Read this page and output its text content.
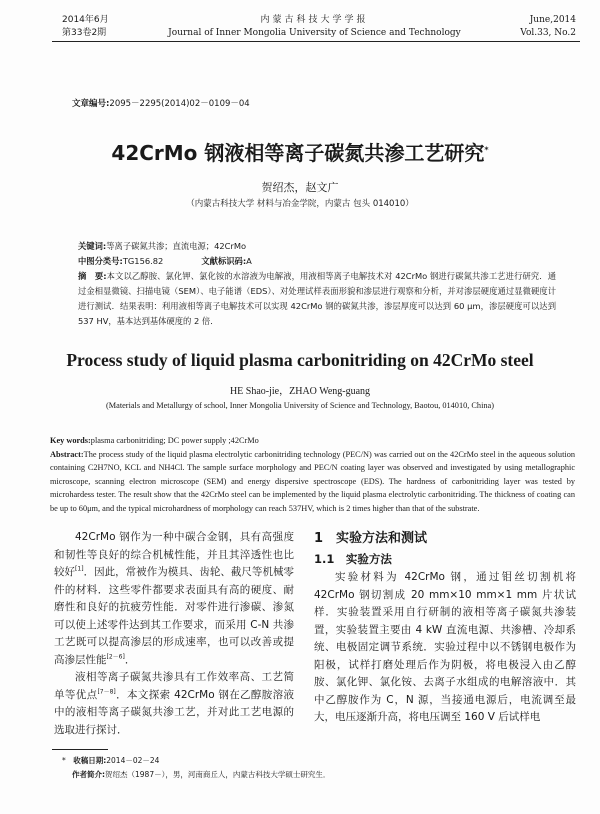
2014年6月
第33卷2期
内蒙古科技大学学报
Journal of Inner Mongolia University of Science and Technology
June,2014
Vol.33, No.2
文章编号:2095－2295(2014)02－0109－04
42CrMo 钢液相等离子碳氮共渗工艺研究*
贺绍杰，赵文广
（内蒙古科技大学 材料与冶金学院，内蒙古 包头 014010）
关键词:等离子碳氮共渗；直流电源；42CrMo
中图分类号:TG156.82	文献标识码:A
摘　要:本文以乙醇胺、氯化钾、氯化铵的水溶液为电解液，用液相等离子电解技术对 42CrMo 钢进行碳氮共渗工艺进行研究．通过金相显微镜、扫描电镜（SEM）、电子能谱（EDS）、对处理试样表面形貌和渗层进行观察和分析，并对渗层硬度通过显微硬度计进行测试．结果表明：利用液相等离子电解技术可以实现 42CrMo 钢的碳氮共渗，渗层厚度可以达到 60 μm，渗层硬度可以达到 537 HV，基本达到基体硬度的 2 倍．
Process study of liquid plasma carbonitriding on 42CrMo steel
HE Shao-jie，ZHAO Weng-guang
(Materials and Metallurgy of school, Inner Mongolia University of Science and Technology, Baotou, 014010, China)
Key words:plasma carbonitriding; DC power supply ;42CrMo
Abstract:The process study of the liquid plasma electrolytic carbonitriding technology (PEC/N) was carried out on the 42CrMo steel in the aqueous solution containing C2H7NO, KCL and NH4Cl. The sample surface morphology and PEC/N coating layer was observed and investigated by using metallographic microscope, scanning electron microscope (SEM) and energy dispersive spectroscope (EDS). The hardness of carbonitriding layer was tested by microhardess tester. The result show that the 42CrMo steel can be implemented by the liquid plasma electrolytic carbonitriding. The thickness of coating can be up to 60μm, and the typical microhardness of morphology can reach 537HV, which is 2 times higher than that of the substrate.
42CrMo 钢作为一种中碳合金钢，具有高强度和韧性等良好的综合机械性能，并且其淬透性也比较好[1]．因此，常被作为模具、齿轮、截尺等机械零件的材料．这些零件都要求表面具有高的硬度、耐磨性和良好的抗疲劳性能．对零件进行渗碳、渗氮可以使上述零件达到其工作要求，而采用 C-N 共渗工艺既可以提高渗层的形成速率，也可以改善或提高渗层性能[2－6]．
液相等离子碳氮共渗具有工作效率高、工艺简单等优点[7－8]．本文探索 42CrMo 钢在乙醇胺溶液中的液相等离子碳氮共渗工艺，并对此工艺电源的选取进行探讨．
1　实验方法和测试
1.1　实验方法
实验材料为 42CrMo 钢，通过钼丝切割机将 42CrMo 钢切割成 20 mm×10 mm×1 mm 片状试样．实验装置采用自行研制的液相等离子碳氮共渗装置，实验装置主要由 4 kW 直流电源、共渗槽、冷却系统、电极固定调节系统．实验过程中以不锈钢电极作为阳极，试样打磨处理后作为阴极，将电极浸入由乙醇胺、氯化钾、氯化铵、去离子水组成的电解溶液中．其中乙醇胺作为 C，N 源，当接通电源后，电流调至最大，电压逐渐升高，将电压调至 160 V 后试样电
*　收稿日期:2014－02－24
作者简介:贺绍杰（1987－），男，河南商丘人，内蒙古科技大学硕士研究生．
